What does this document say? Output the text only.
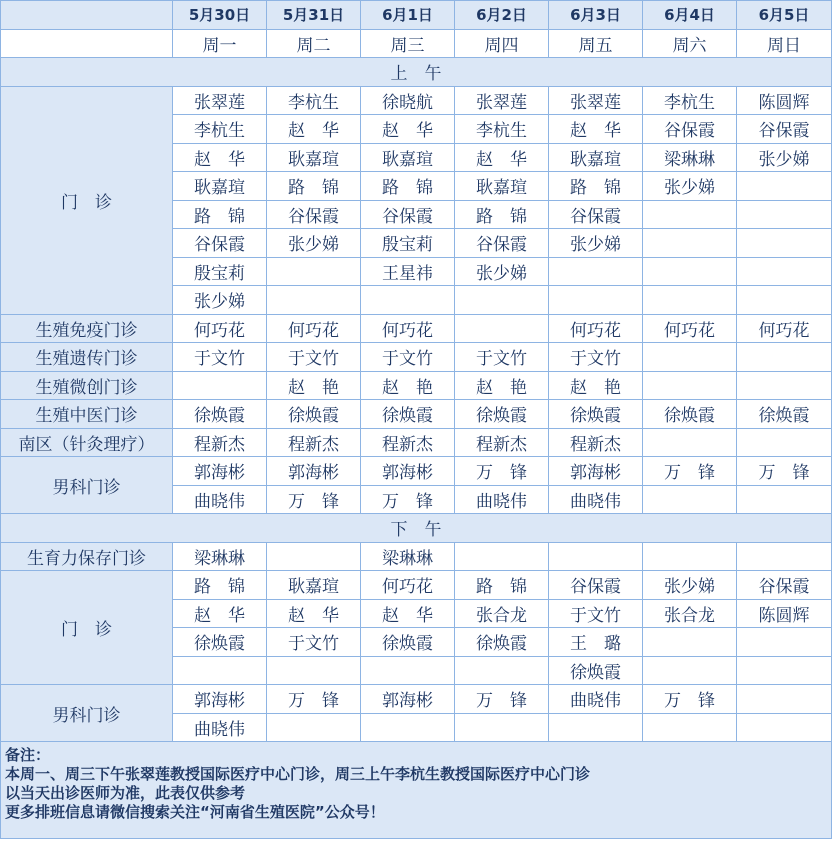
	5月30日	5月31日	6月1日	6月2日	6月3日	6月4日	6月5日
	周一	周二	周三	周四	周五	周六	周日
上　午							
门　诊	张翠莲	李杭生	徐晓航	张翠莲	张翠莲	李杭生	陈圆辉
	李杭生	赵　华	赵　华	李杭生	赵　华	谷保霞	谷保霞
	赵　华	耿嘉瑄	耿嘉瑄	赵　华	耿嘉瑄	梁琳琳	张少娣
	耿嘉瑄	路　锦	路　锦	耿嘉瑄	路　锦	张少娣	
	路　锦	谷保霞	谷保霞	路　锦	谷保霞		
	谷保霞	张少娣	殷宝莉	谷保霞	张少娣		
	殷宝莉		王星祎	张少娣			
	张少娣						
生殖免疫门诊	何巧花	何巧花	何巧花		何巧花	何巧花	何巧花
生殖遗传门诊	于文竹	于文竹	于文竹	于文竹	于文竹		
生殖微创门诊		赵　艳	赵　艳	赵　艳	赵　艳		
生殖中医门诊	徐焕霞	徐焕霞	徐焕霞	徐焕霞	徐焕霞	徐焕霞	徐焕霞
南区（针灸理疗）	程新杰	程新杰	程新杰	程新杰	程新杰		
男科门诊	郭海彬	郭海彬	郭海彬	万　锋	郭海彬	万　锋	万　锋
	曲晓伟	万　锋	万　锋	曲晓伟	曲晓伟		
下　午							
生育力保存门诊	梁琳琳		梁琳琳				
门　诊	路　锦	耿嘉瑄	何巧花	路　锦	谷保霞	张少娣	谷保霞
	赵　华	赵　华	赵　华	张合龙	于文竹	张合龙	陈圆辉
	徐焕霞	于文竹	徐焕霞	徐焕霞	王　璐		
					徐焕霞		
男科门诊	郭海彬	万　锋	郭海彬	万　锋	曲晓伟	万　锋	
	曲晓伟						

备注：
本周一、周三下午张翠莲教授国际医疗中心门诊，周三上午李杭生教授国际医疗中心门诊
以当天出诊医师为准，此表仅供参考
更多排班信息请微信搜索关注“河南省生殖医院”公众号！							
